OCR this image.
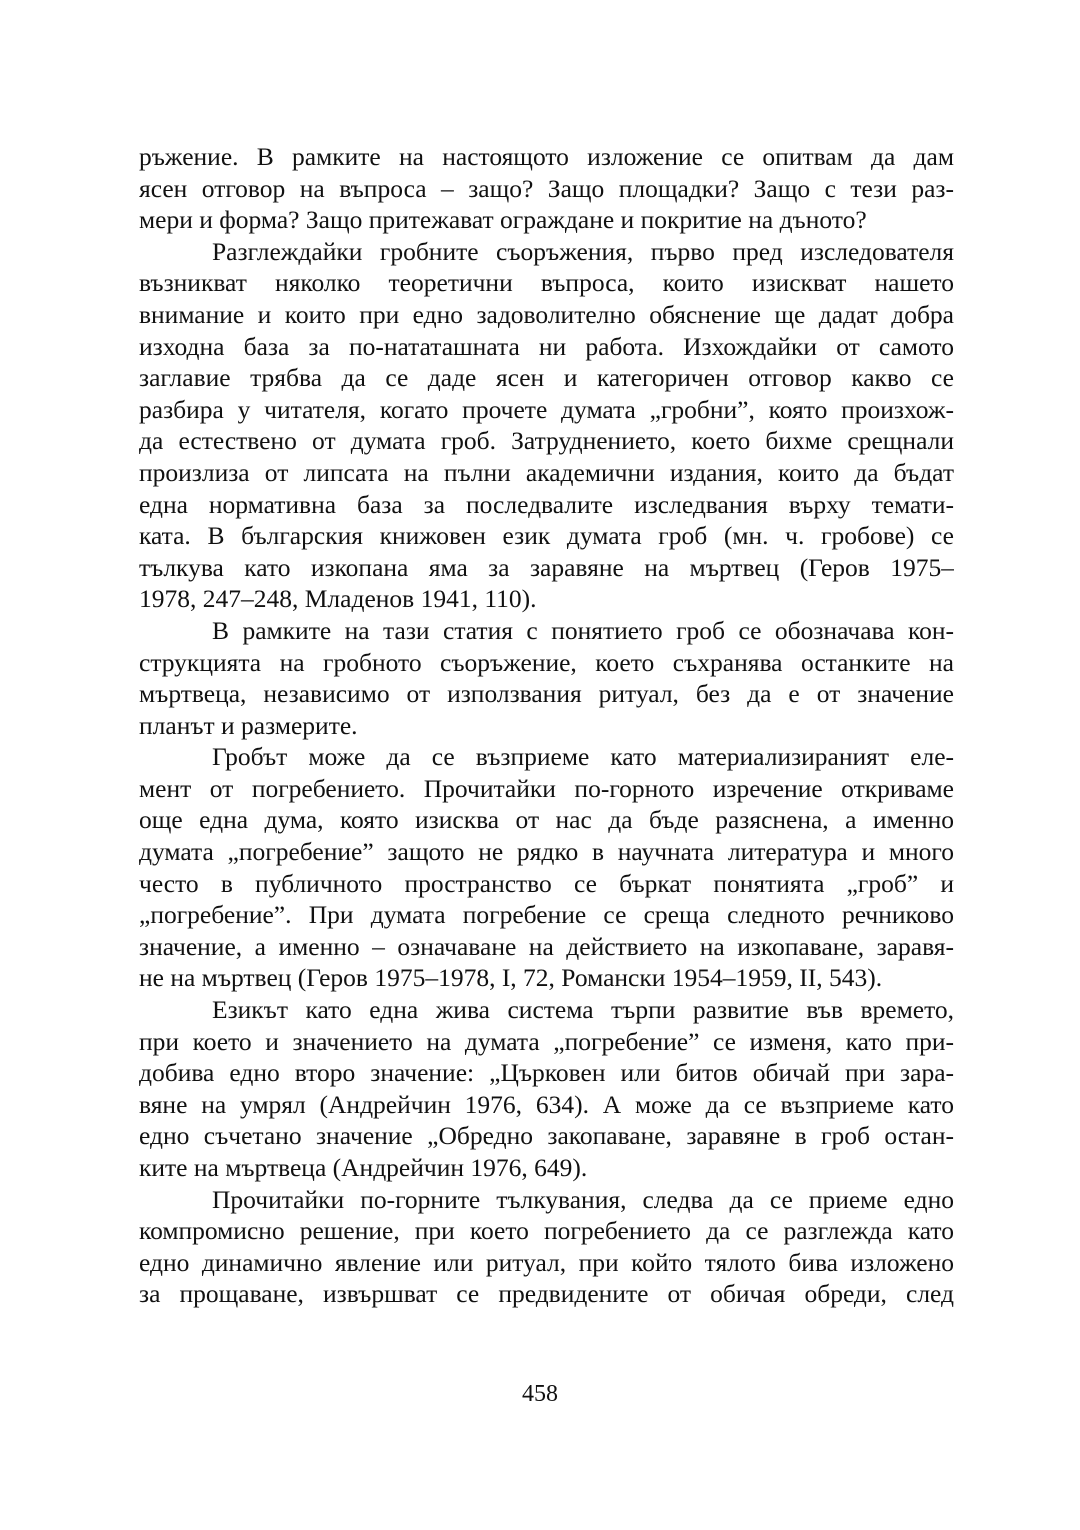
ръжение. В рамките на настоящото изложение се опитвам да дам
ясен отговор на въпроса – защо? Защо площадки? Защо с тези раз-
мери и форма? Защо притежават ограждане и покритие на дъното?
Разглеждайки гробните съоръжения, първо пред изследователя
възникват няколко теоретични въпроса, които изискват нашето
внимание и които при едно задоволително обяснение ще дадат добра
изходна база за по-нататашната ни работа. Изхождайки от самото
заглавие трябва да се даде ясен и категоричен отговор какво се
разбира у читателя, когато прочете думата „гробни”, която произхож-
да естествено от думата гроб. Затруднението, което бихме срещнали
произлиза от липсата на пълни академични издания, които да бъдат
една нормативна база за последвалите изследвания върху темати-
ката. В българския книжовен език думата гроб (мн. ч. гробове) се
тълкува като изкопана яма за заравяне на мъртвец (Геров 1975–
1978, 247–248, Младенов 1941, 110).
В рамките на тази статия с понятието гроб се обозначава кон-
струкцията на гробното съоръжение, което съхранява останките на
мъртвеца, независимо от използвания ритуал, без да е от значение
планът и размерите.
Гробът може да се възприеме като материализираният еле-
мент от погребението. Прочитайки по-горното изречение откриваме
още една дума, която изисква от нас да бъде разяснена, а именно
думата „погребение” защото не рядко в научната литература и много
често в публичното пространство се бъркат понятията „гроб” и
„погребение”. При думата погребение се среща следното речниково
значение, а именно – означаване на действието на изкопаване, заравя-
не на мъртвец (Геров 1975–1978, I, 72, Романски 1954–1959, II, 543).
Езикът като една жива система търпи развитие във времето,
при което и значението на думата „погребение” се изменя, като при-
добива едно второ значение: „Църковен или битов обичай при зара-
вяне на умрял (Андрейчин 1976, 634). А може да се възприеме като
едно съчетано значение „Обредно закопаване, заравяне в гроб остан-
ките на мъртвеца (Андрейчин 1976, 649).
Прочитайки по-горните тълкувания, следва да се приеме едно
компромисно решение, при което погребението да се разглежда като
едно динамично явление или ритуал, при който тялото бива изложено
за прощаване, извършват се предвидените от обичая обреди, след
458
